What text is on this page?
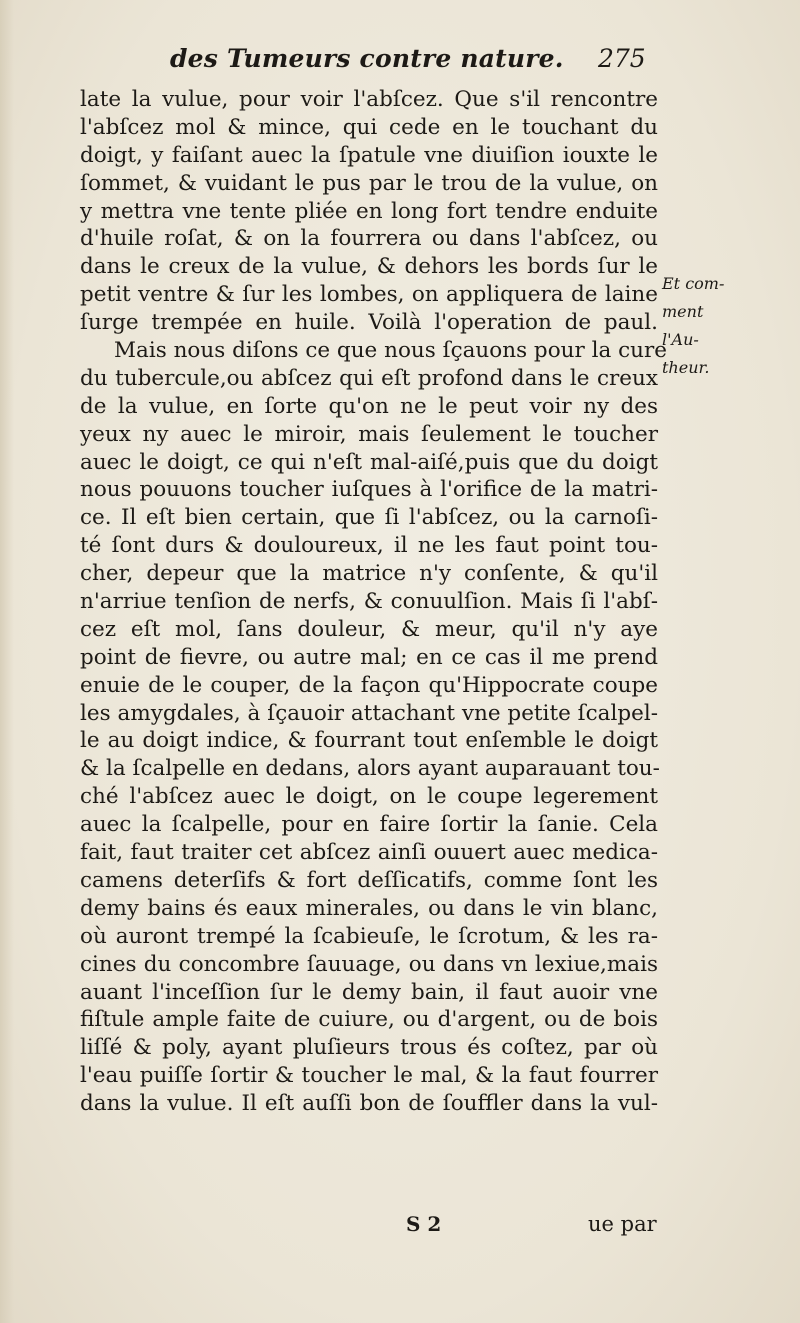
des Tumeurs contre nature. 275
late la vulue, pour voir l'abſcez. Que s'il rencontre
l'abſcez mol & mince, qui cede en le touchant du
doigt, y faiſant auec la ſpatule vne diuiſion iouxte le
ſommet, & vuidant le pus par le trou de la vulue, on
y mettra vne tente pliée en long fort tendre enduite
d'huile roſat, & on la fourrera ou dans l'abſcez, ou
dans le creux de la vulue, & dehors les bords ſur le
petit ventre & ſur les lombes, on appliquera de laine
ſurge trempée en huile. Voilà l'operation de paul.
Mais nous diſons ce que nous ſçauons pour la cure
du tubercule,ou abſcez qui eſt profond dans le creux
de la vulue, en ſorte qu'on ne le peut voir ny des
yeux ny auec le miroir, mais ſeulement le toucher
auec le doigt, ce qui n'eſt mal-aiſé,puis que du doigt
nous pouuons toucher iuſques à l'orifice de la matri-
ce. Il eſt bien certain, que ſi l'abſcez, ou la carnoſi-
té ſont durs & douloureux, il ne les faut point tou-
cher, depeur que la matrice n'y conſente, & qu'il
n'arriue tenſion de nerfs, & conuulſion. Mais ſi l'abſ-
cez eſt mol, ſans douleur, & meur, qu'il n'y aye
point de fievre, ou autre mal; en ce cas il me prend
enuie de le couper, de la façon qu'Hippocrate coupe
les amygdales, à ſçauoir attachant vne petite ſcalpel-
le au doigt indice, & fourrant tout enſemble le doigt
& la ſcalpelle en dedans, alors ayant auparauant tou-
ché l'abſcez auec le doigt, on le coupe legerement
auec la ſcalpelle, pour en faire ſortir la ſanie. Cela
fait, faut traiter cet abſcez ainſi ouuert auec medica-
camens deterſifs & fort deſſicatifs, comme ſont les
demy bains és eaux minerales, ou dans le vin blanc,
où auront trempé la ſcabieuſe, le ſcrotum, & les ra-
cines du concombre ſauuage, ou dans vn lexiue,mais
auant l'inceſſion ſur le demy bain, il faut auoir vne
fiſtule ample faite de cuiure, ou d'argent, ou de bois
liſſé & poly, ayant pluſieurs trous és coſtez, par où
l'eau puiſſe ſortir & toucher le mal, & la faut fourrer
dans la vulue. Il eſt auſſi bon de ſouffler dans la vul-
Et com-
ment
l'Au-
theur.
S 2	ue par
